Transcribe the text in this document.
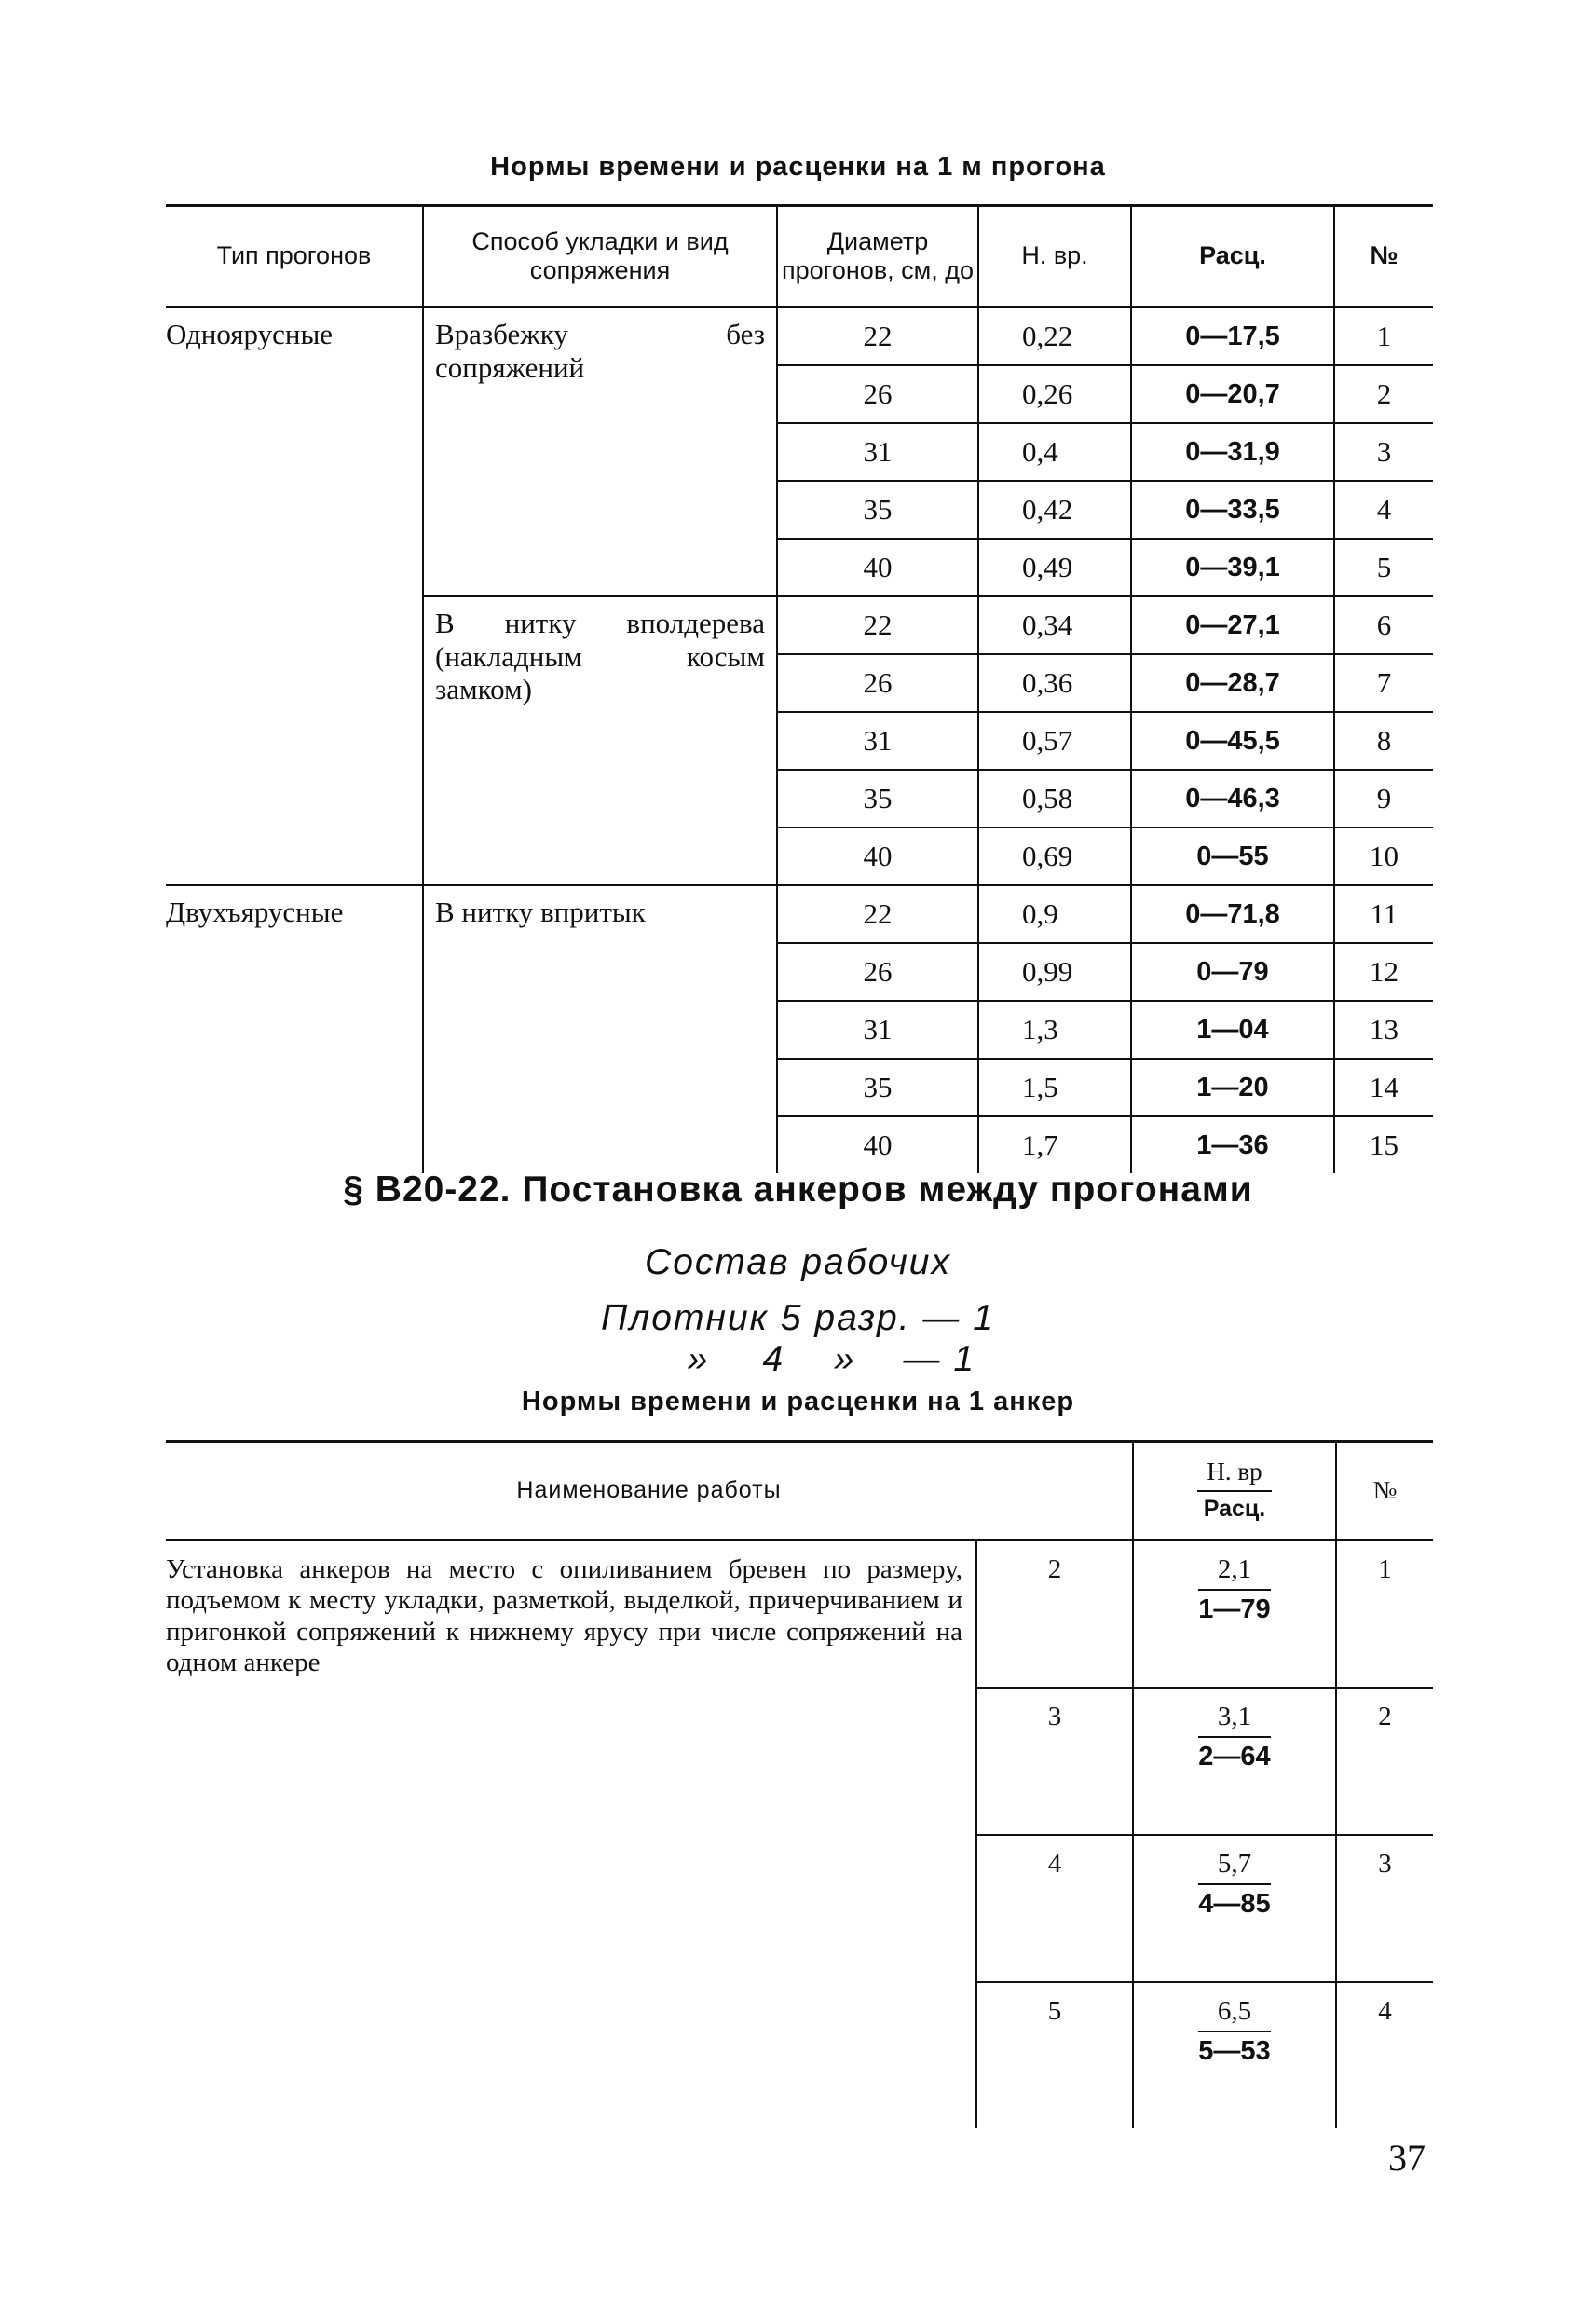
Нормы времени и расценки на 1 м прогона
Тип прогонов	Способ укладки и вид сопряжения	Диаметр прогонов, см, до	Н. вр.	Расц.	№
Одноярусные	Вразбежку без сопряжений	22	0,22	0—17,5	1
		26	0,26	0—20,7	2
		31	0,4	0—31,9	3
		35	0,42	0—33,5	4
		40	0,49	0—39,1	5
	В нитку вполдерева (накладным косым замком)	22	0,34	0—27,1	6
		26	0,36	0—28,7	7
		31	0,57	0—45,5	8
		35	0,58	0—46,3	9
		40	0,69	0—55	10
Двухъярусные	В нитку впритык	22	0,9	0—71,8	11
		26	0,99	0—79	12
		31	1,3	1—04	13
		35	1,5	1—20	14
		40	1,7	1—36	15
§ В20-22. Постановка анкеров между прогонами
Состав рабочих
Плотник 5 разр. — 1
» 4 » — 1
Нормы времени и расценки на 1 анкер
Наименование работы		$\frac{Н. вр}{\text{Расц.}}$	№

Установка анкеров на место с опиливанием бревен по размеру, подъемом к месту укладки, разметкой, выделкой, причерчиванием и пригонкой сопряжений к нижнему ярусу при числе сопряжений на одном анкере	2	$\frac{2,1}{1—79}$	1
	3	$\frac{3,1}{2—64}$	2
	4	$\frac{5,7}{4—85}$	3
	5	$\frac{6,5}{5—53}$	4
37
